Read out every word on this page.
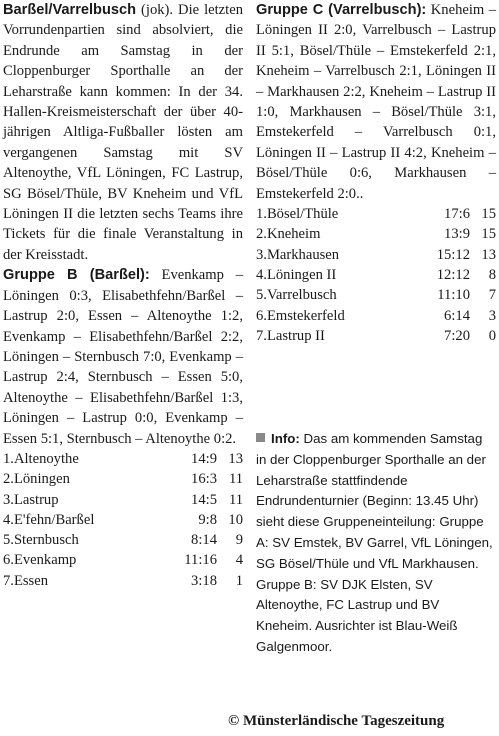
Barßel/Varrelbusch (jok). Die letzten Vorrundenpartien sind absolviert, die Endrunde am Samstag in der Cloppenburger Sporthalle an der Leharstraße kann kommen: In der 34. Hallen-Kreismeisterschaft der über 40-jährigen Altliga-Fußballer lösten am vergangenen Samstag mit SV Altenoythe, VfL Löningen, FC Lastrup, SG Bösel/Thüle, BV Kneheim und VfL Löningen II die letzten sechs Teams ihre Tickets für die finale Veranstaltung in der Kreisstadt.

Gruppe B (Barßel): Evenkamp – Löningen 0:3, Elisabethfehn/Barßel – Lastrup 2:0, Essen – Altenoythe 1:2, Evenkamp – Elisabethfehn/Barßel 2:2, Löningen – Sternbusch 7:0, Evenkamp – Lastrup 2:4, Sternbusch – Essen 5:0, Altenoythe – Elisabethfehn/Barßel 1:3, Löningen – Lastrup 0:0, Evenkamp – Essen 5:1, Sternbusch – Altenoythe 0:2.

1.Altenoythe	14:9	13
2.Löningen	16:3	11
3.Lastrup	14:5	11
4.E'fehn/Barßel	9:8	10
5.Sternbusch	8:14	9
6.Evenkamp	11:16	4
7.Essen	3:18	1

Gruppe C (Varrelbusch): Kneheim – Löningen II 2:0, Varrelbusch – Lastrup II 5:1, Bösel/Thüle – Emstekerfeld 2:1, Kneheim – Varrelbusch 2:1, Löningen II – Markhausen 2:2, Kneheim – Lastrup II 1:0, Markhausen – Bösel/Thüle 3:1, Emstekerfeld – Varrelbusch 0:1, Löningen II – Lastrup II 4:2, Kneheim – Bösel/Thüle 0:6, Markhausen – Emstekerfeld 2:0..

1.Bösel/Thüle	17:6	15
2.Kneheim	13:9	15
3.Markhausen	15:12	13
4.Löningen II	12:12	8
5.Varrelbusch	11:10	7
6.Emstekerfeld	6:14	3
7.Lastrup II	7:20	0
Info: Das am kommenden Samstag in der Cloppenburger Sporthalle an der Leharstraße stattfindende Endrundenturnier (Beginn: 13.45 Uhr) sieht diese Gruppeneinteilung: Gruppe A: SV Emstek, BV Garrel, VfL Löningen, SG Bösel/Thüle und VfL Markhausen. Gruppe B: SV DJK Elsten, SV Altenoythe, FC Lastrup und BV Kneheim. Ausrichter ist Blau-Weiß Galgenmoor.
© Münsterländische Tageszeitung
